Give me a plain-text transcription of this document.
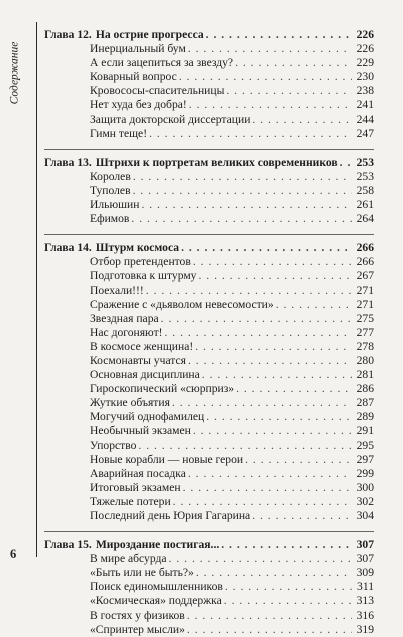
Содержание
6
Глава 12. На острие прогресса . . .	226
Инерциальный бум . . .	226
А если зацепиться за звезду? . . .	229
Коварный вопрос . . .	230
Кровососы-спасительницы . . .	238
Нет худа без добра! . . .	241
Защита докторской диссертации . . .	244
Гимн теще! . . .	247
Глава 13. Штрихи к портретам великих современников . . . 253
Королев . . .	253
Туполев . . .	258
Ильюшин . . .	261
Ефимов . . .	264
Глава 14. Штурм космоса . . .	266
Отбор претендентов . . .	266
Подготовка к штурму . . .	267
Поехали!!! . . .	271
Сражение с «дьяволом невесомости» . . .	271
Звездная пара . . .	275
Нас догоняют! . . .	277
В космосе женщина! . . .	278
Космонавты учатся . . .	280
Основная дисциплина . . .	281
Гироскопический «сюрприз» . . .	286
Жуткие объятия . . .	287
Могучий однофамилец . . .	289
Необычный экзамен . . .	291
Упорство . . .	295
Новые корабли — новые герои . . .	297
Аварийная посадка . . .	299
Итоговый экзамен . . .	300
Тяжелые потери . . .	302
Последний день Юрия Гагарина . . .	304
Глава 15. Мироздание постигая... . . .	307
В мире абсурда . . .	307
«Быть или не быть?» . . .	309
Поиск единомышленников . . .	311
«Космическая» поддержка . . .	313
В гостях у физиков . . .	316
«Спринтер мысли» . . .	319
